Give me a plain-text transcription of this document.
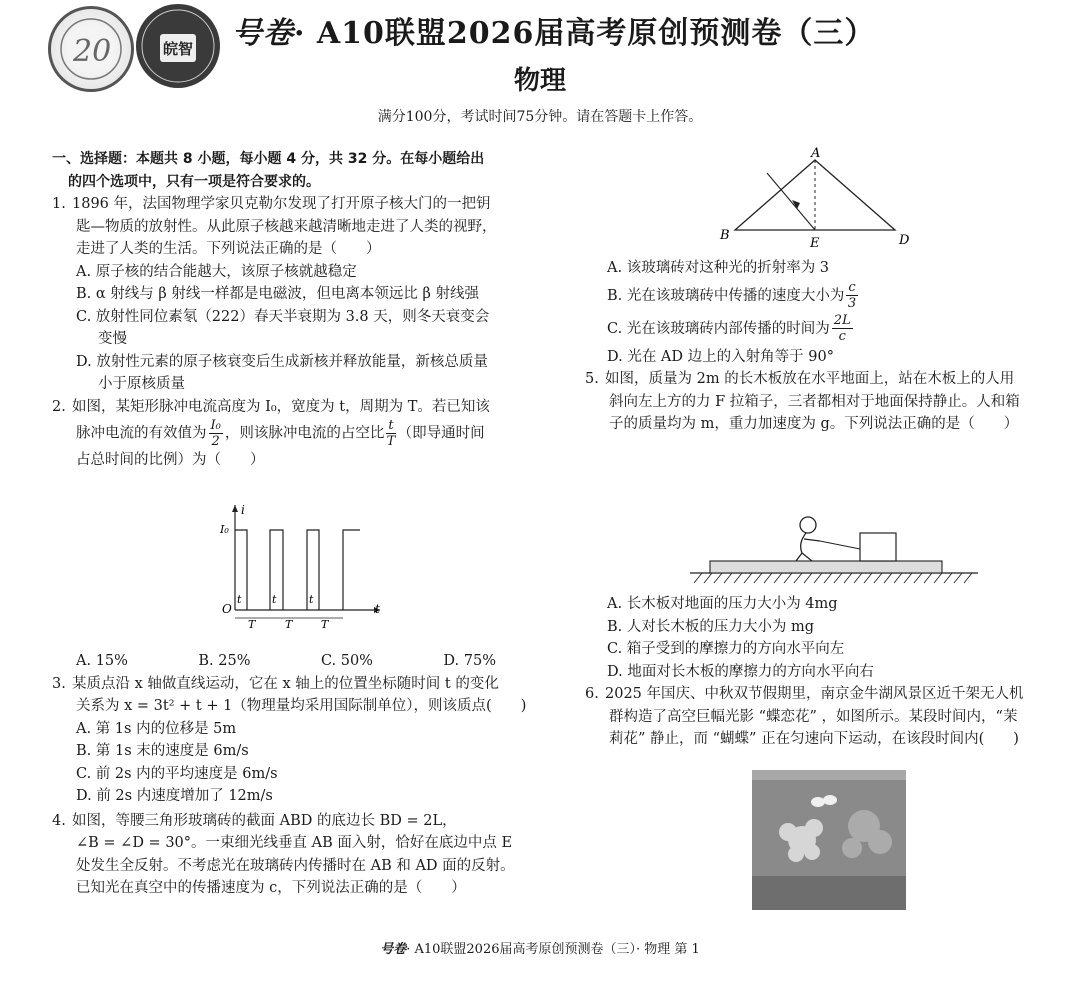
20	皖智 号卷· A10联盟2026届高考原创预测卷（三）
物理
满分100分，考试时间75分钟。请在答题卡上作答。
一、选择题：本题共 8 小题，每小题 4 分，共 32 分。在每小题给出
的四个选项中，只有一项是符合要求的。
1. 1896 年，法国物理学家贝克勒尔发现了打开原子核大门的一把钥
匙—物质的放射性。从此原子核越来越清晰地走进了人类的视野，
走进了人类的生活。下列说法正确的是（　　）
A. 原子核的结合能越大，该原子核就越稳定
B. α 射线与 β 射线一样都是电磁波，但电离本领远比 β 射线强
C. 放射性同位素氡（222）春天半衰期为 3.8 天，则冬天衰变会
变慢
D. 放射性元素的原子核衰变后生成新核并释放能量，新核总质量
小于原核质量
2. 如图，某矩形脉冲电流高度为 I₀，宽度为 t，周期为 T。若已知该
脉冲电流的有效值为 $\frac{\text{I₀}}{2}$ ，则该脉冲电流的占空比 $\frac{t}{T}$ （即导通时间
占总时间的比例）为（　　）
i
I₀
O	t
t	t	t
T	T	T
A. 15%	B. 25%	C. 50%	D. 75%
3. 某质点沿 x 轴做直线运动，它在 x 轴上的位置坐标随时间 t 的变化
关系为 x = 3t² + t + 1（物理量均采用国际制单位），则该质点(　　)
A. 第 1s 内的位移是 5m
B. 第 1s 末的速度是 6m/s
C. 前 2s 内的平均速度是 6m/s
D. 前 2s 内速度增加了 12m/s
4. 如图，等腰三角形玻璃砖的截面 ABD 的底边长 BD = 2L，
∠B = ∠D = 30°。一束细光线垂直 AB 面入射，恰好在底边中点 E
处发生全反射。不考虑光在玻璃砖内传播时在 AB 和 AD 面的反射。
已知光在真空中的传播速度为 c，下列说法正确的是（　　）
A
B	D
E
A. 该玻璃砖对这种光的折射率为 3
B. 光在该玻璃砖中传播的速度大小为 $\frac{c}{3}$
C. 光在该玻璃砖内部传播的时间为 $\frac{2L}{c}$
D. 光在 AD 边上的入射角等于 90°
5. 如图，质量为 2m 的长木板放在水平地面上，站在木板上的人用
斜向左上方的力 F 拉箱子，三者都相对于地面保持静止。人和箱
子的质量均为 m，重力加速度为 g。下列说法正确的是（　　）
A. 长木板对地面的压力大小为 4mg
B. 人对长木板的压力大小为 mg
C. 箱子受到的摩擦力的方向水平向左
D. 地面对长木板的摩擦力的方向水平向右
6. 2025 年国庆、中秋双节假期里，南京金牛湖风景区近千架无人机
群构造了高空巨幅光影 “蝶恋花” ，如图所示。某段时间内，“茉
莉花” 静止，而 “蝴蝶” 正在匀速向下运动，在该段时间内(　　)
号卷· A10联盟2026届高考原创预测卷（三）· 物理 第 1
